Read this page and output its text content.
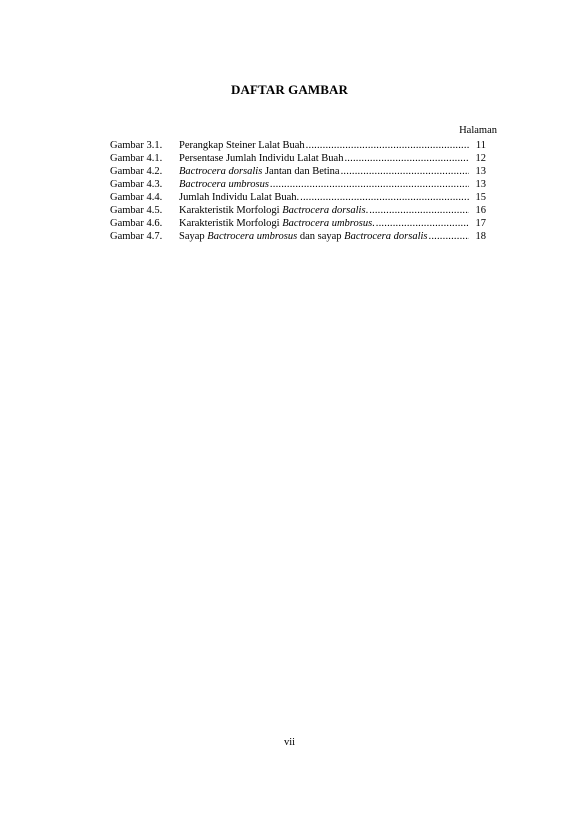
DAFTAR GAMBAR
Halaman
Gambar 3.1.	Perangkap Steiner Lalat Buah .....	11
Gambar 4.1.	Persentase Jumlah Individu Lalat Buah .....	12
Gambar 4.2.	Bactrocera dorsalis Jantan dan Betina .....	13
Gambar 4.3.	Bactrocera umbrosus .....	13
Gambar 4.4.	Jumlah Individu Lalat Buah. .....	15
Gambar 4.5.	Karakteristik Morfologi Bactrocera dorsalis. .....	16
Gambar 4.6.	Karakteristik Morfologi Bactrocera umbrosus. .....	17
Gambar 4.7.	Sayap Bactrocera umbrosus dan sayap Bactrocera dorsalis .....	18
vii
